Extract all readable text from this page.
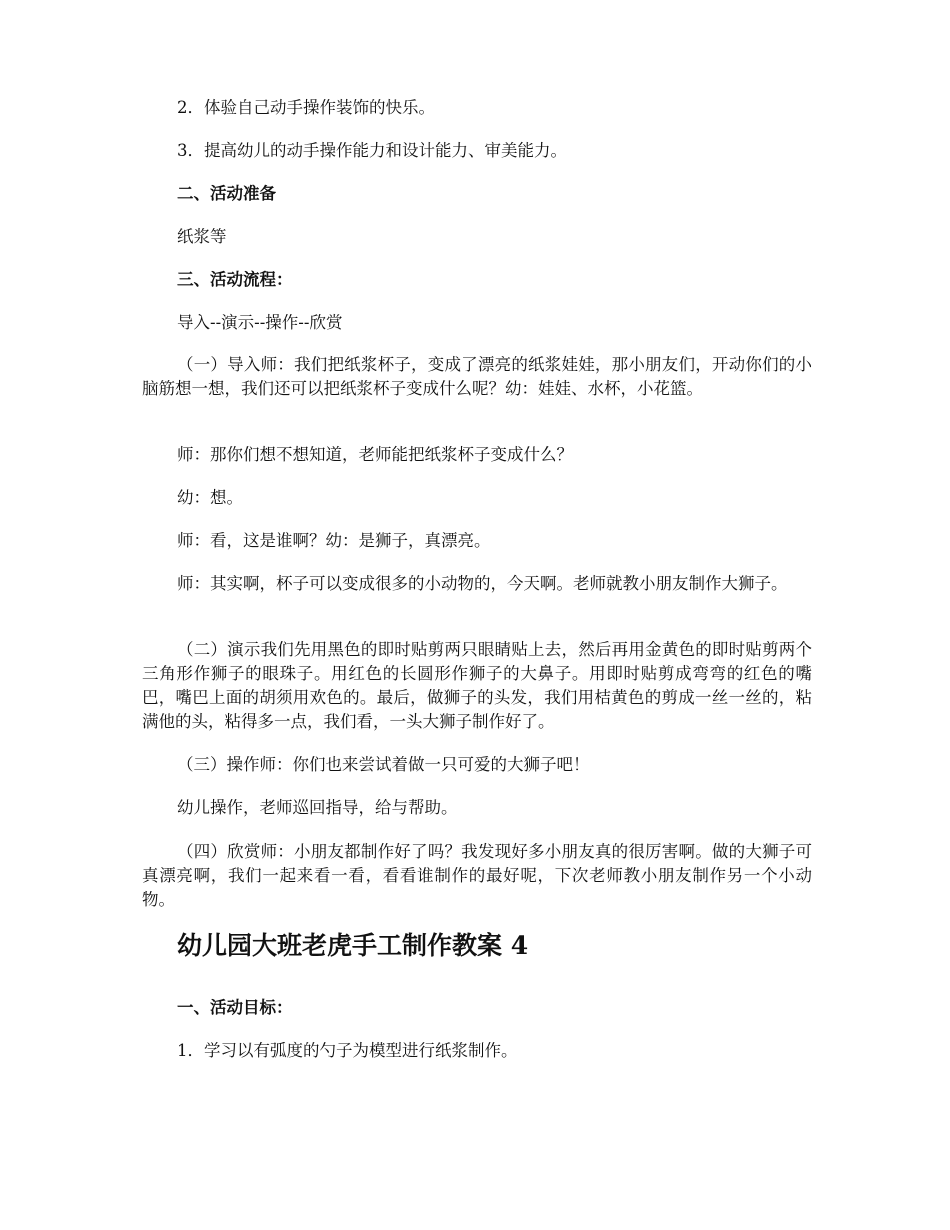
2．体验自己动手操作装饰的快乐。

3．提高幼儿的动手操作能力和设计能力、审美能力。

二、活动准备

纸浆等

三、活动流程：

导入--演示--操作--欣赏

（一）导入师：我们把纸浆杯子，变成了漂亮的纸浆娃娃，那小朋友们，开动你们的小脑筋想一想，我们还可以把纸浆杯子变成什么呢？幼：娃娃、水杯，小花篮。

师：那你们想不想知道，老师能把纸浆杯子变成什么？

幼：想。

师：看，这是谁啊？幼：是狮子，真漂亮。

师：其实啊，杯子可以变成很多的小动物的，今天啊。老师就教小朋友制作大狮子。

（二）演示我们先用黑色的即时贴剪两只眼睛贴上去，然后再用金黄色的即时贴剪两个三角形作狮子的眼珠子。用红色的长圆形作狮子的大鼻子。用即时贴剪成弯弯的红色的嘴巴，嘴巴上面的胡须用欢色的。最后，做狮子的头发，我们用桔黄色的剪成一丝一丝的，粘满他的头，粘得多一点，我们看，一头大狮子制作好了。

（三）操作师：你们也来尝试着做一只可爱的大狮子吧！

幼儿操作，老师巡回指导，给与帮助。

（四）欣赏师：小朋友都制作好了吗？我发现好多小朋友真的很厉害啊。做的大狮子可真漂亮啊，我们一起来看一看，看看谁制作的最好呢，下次老师教小朋友制作另一个小动物。

幼儿园大班老虎手工制作教案 4

一、活动目标：

1．学习以有弧度的勺子为模型进行纸浆制作。
